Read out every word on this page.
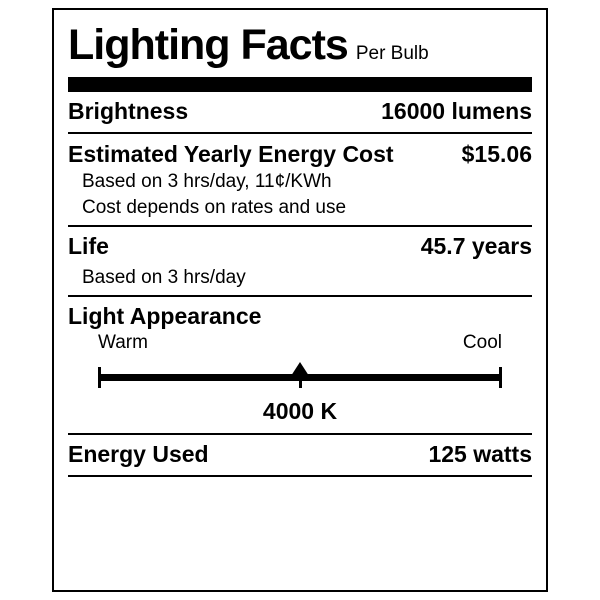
Lighting Facts Per Bulb
Brightness	16000 lumens
Estimated Yearly Energy Cost	$15.06
Based on 3 hrs/day, 11¢/KWh
Cost depends on rates and use
Life	45.7 years
Based on 3 hrs/day
Light Appearance
Warm	Cool
4000 K
Energy Used	125 watts
